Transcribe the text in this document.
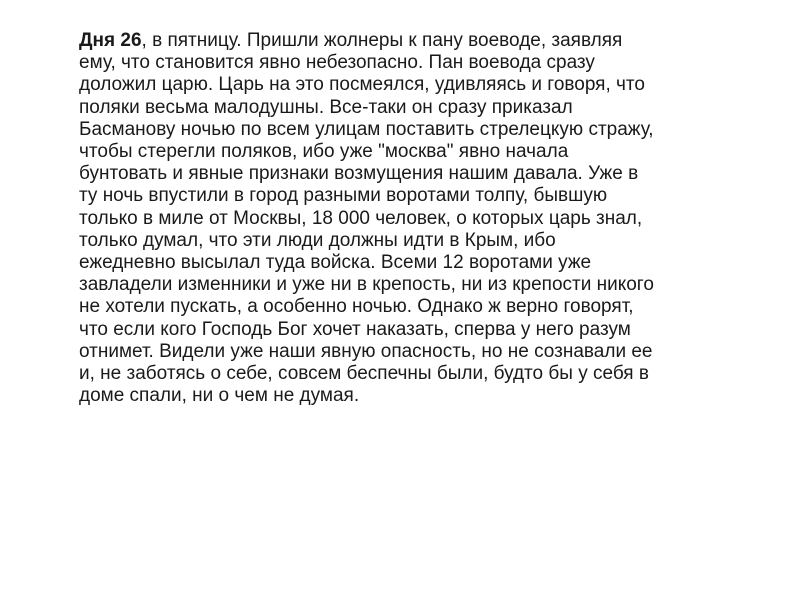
Дня 26, в пятницу. Пришли жолнеры к пану воеводе, заявляя
ему, что становится явно небезопасно. Пан воевода сразу
доложил царю. Царь на это посмеялся, удивляясь и говоря, что
поляки весьма малодушны. Все-таки он сразу приказал
Басманову ночью по всем улицам поставить стрелецкую стражу,
чтобы стерегли поляков, ибо уже "москва" явно начала
бунтовать и явные признаки возмущения нашим давала. Уже в
ту ночь впустили в город разными воротами толпу, бывшую
только в миле от Москвы, 18 000 человек, о которых царь знал,
только думал, что эти люди должны идти в Крым, ибо
ежедневно высылал туда войска. Всеми 12 воротами уже
завладели изменники и уже ни в крепость, ни из крепости никого
не хотели пускать, а особенно ночью. Однако ж верно говорят,
что если кого Господь Бог хочет наказать, сперва у него разум
отнимет. Видели уже наши явную опасность, но не сознавали ее
и, не заботясь о себе, совсем беспечны были, будто бы у себя в
доме спали, ни о чем не думая.
